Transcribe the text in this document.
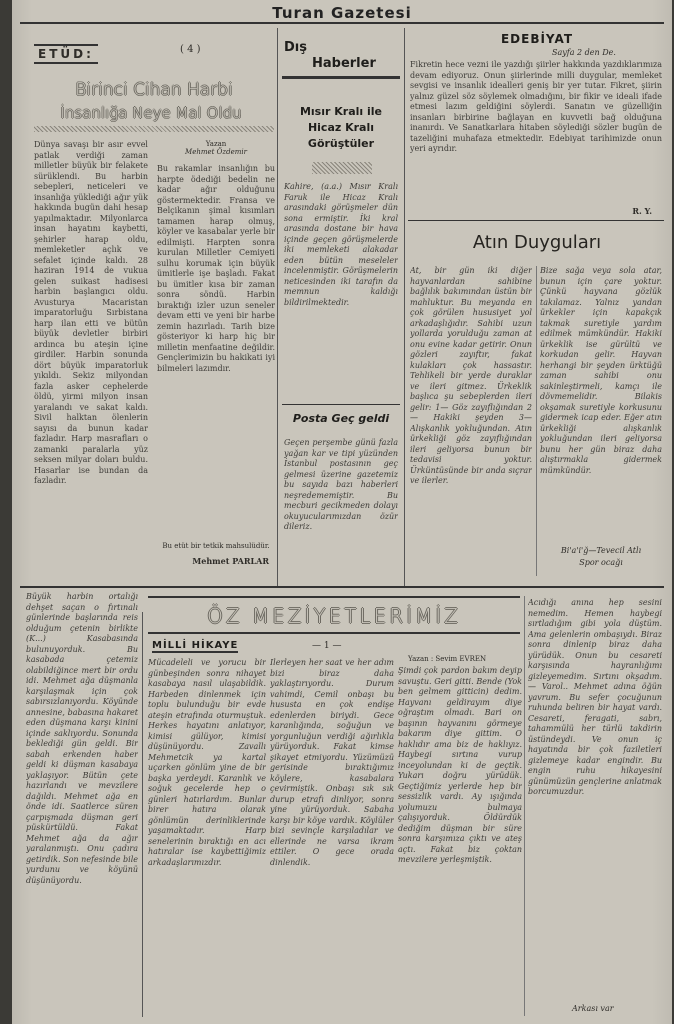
Turan Gazetesi
ETÜD:	( 4 )
Birinci Cihan Harbi
İnsanlığa Neye Mal Oldu
Yazan
Mehmet Özdemir

Dünya savaşı bir asır evvel patlak verdiği zaman milletler büyük bir felakete sürüklendi. Bu harbin sebepleri, neticeleri ve insanlığa yüklediği ağır yük hakkında bugün dahi hesap yapılmaktadır. Milyonlarca insan hayatını kaybetti, şehirler harap oldu, memleketler açlık ve sefalet içinde kaldı. 28 haziran 1914 de vukua gelen suikast hadisesi harbin başlangıcı oldu. Avusturya Macaristan imparatorluğu Sırbistana harp ilan etti ve bütün büyük devletler birbiri ardınca bu ateşin içine girdiler. Harbin sonunda dört büyük imparatorluk yıkıldı. Sekiz milyondan fazla asker cephelerde öldü, yirmi milyon insan yaralandı ve sakat kaldı. Sivil halktan ölenlerin sayısı da bunun kadar fazladır. Harp masrafları o zamanki paralarla yüz seksen milyar doları buldu. Hasarlar ise bundan da fazladır.

Bu rakamlar insanlığın bu harpte ödediği bedelin ne kadar ağır olduğunu göstermektedir. Fransa ve Belçikanın şimal kısımları tamamen harap olmuş, köyler ve kasabalar yerle bir edilmişti. Harpten sonra kurulan Milletler Cemiyeti sulhu korumak için büyük ümitlerle işe başladı. Fakat bu ümitler kısa bir zaman sonra söndü. Harbin bıraktığı izler uzun seneler devam etti ve yeni bir harbe zemin hazırladı. Tarih bize gösteriyor ki harp hiç bir milletin menfaatine değildir. Gençlerimizin bu hakikati iyi bilmeleri lazımdır.

Bu etüt bir tetkik mahsulüdür.
Mehmet PARLAR
Dış
Haberler
Mısır Kralı ile Hicaz Kralı Görüştüler

Kahire, (a.a.) Mısır Kralı Faruk ile Hicaz Kralı arasındaki görüşmeler dün sona ermiştir. İki kral arasında dostane bir hava içinde geçen görüşmelerde iki memleketi alakadar eden bütün meseleler incelenmiştir. Görüşmelerin neticesinden iki tarafın da memnun kaldığı bildirilmektedir.

Posta Geç geldi

Geçen perşembe günü fazla yağan kar ve tipi yüzünden İstanbul postasının geç gelmesi üzerine gazetemiz bu sayıda bazı haberleri neşredememiştir. Bu mecburi gecikmeden dolayı okuyucularımızdan özür dileriz.

EDEBİYAT
Sayfa 2 den De.

Fikretin hece vezni ile yazdığı şiirler hakkında yazdıklarımıza devam ediyoruz. Onun şiirlerinde milli duygular, memleket sevgisi ve insanlık idealleri geniş bir yer tutar. Fikret, şiirin yalnız güzel söz söylemek olmadığını, bir fikir ve ideali ifade etmesi lazım geldiğini söylerdi. Sanatın ve güzelliğin insanları birbirine bağlayan en kuvvetli bağ olduğuna inanırdı. Ve Sanatkarlara hitaben söylediği sözler bugün de tazeliğini muhafaza etmektedir. Edebiyat tarihimizde onun yeri ayrıdır.

R. Y.
Atın Duyguları

At, bir gün iki diğer hayvanlardan sahibine bağlılık bakımından üstün bir mahluktur. Bu meyanda en çok görülen hususiyet yol arkadaşlığıdır. Sahibi uzun yollarda yorulduğu zaman at onu evine kadar getirir. Onun gözleri zayıftır, fakat kulakları çok hassastır. Tehlikeli bir yerde duraklar ve ileri gitmez. Ürkeklik başlıca şu sebeplerden ileri gelir: 1— Göz zayıflığından 2— Hakiki şeyden 3— Alışkanlık yokluğundan. Atın ürkekliği göz zayıflığından ileri geliyorsa bunun bir tedavisi yoktur. Ürküntüsünde bir anda sıçrar ve ilerler.

Bize sağa veya sola atar, bunun için çare yoktur. Çünkü hayvana gözlük takılamaz. Yalnız yandan ürkekler için kapakçık takmak suretiyle yardım edilmek mümkündür. Hakiki ürkeklik ise gürültü ve korkudan gelir. Hayvan herhangi bir şeyden ürktüğü zaman sahibi onu sakinleştirmeli, kamçı ile dövmemelidir. Bilakis okşamak suretiyle korkusunu gidermek icap eder. Eğer atın ürkekliği alışkanlık yokluğundan ileri geliyorsa bunu her gün biraz daha alıştırmakla gidermek mümkündür.

Bi'a'i'ğ—Tevecil Atlı
Spor ocağı

Büyük harbin ortalığı dehşet saçan o fırtınalı günlerinde başlarında reis olduğum çetenin birlikte (K...) Kasabasında bulunuyorduk. Bu kasabada çetemiz olabildiğince mert bir ordu idi. Mehmet ağa düşmanla karşılaşmak için çok sabırsızlanıyordu. Köyünde annesine, babasına hakaret eden düşmana karşı kinini içinde saklıyordu. Sonunda beklediği gün geldi. Bir sabah erkenden haber geldi ki düşman kasabaya yaklaşıyor. Bütün çete hazırlandı ve mevzilere dağıldı. Mehmet ağa en önde idi. Saatlerce süren çarpışmada düşman geri püskürtüldü. Fakat Mehmet ağa da ağır yaralanmıştı. Onu çadıra getirdik. Son nefesinde bile yurdunu ve köyünü düşünüyordu.

ÖZ MEZİYETLERİMİZ
MİLLİ HİKAYE	— 1 —
Yazan : Sevim EVREN

Mücadeleli ve yorucu bir günbeşinden sonra nihayet kasabaya nasıl ulaşabildik. Harbeden dinlenmek için toplu bulunduğu bir evde ateşin etrafında oturmuştuk. Herkes hayatını anlatıyor, kimisi gülüyor, kimisi düşünüyordu. Zavallı Mehmetcik ya kartal uçarken gönlüm yine de bir başka yerdeydi. Karanlık ve soğuk gecelerde hep o günleri hatırlardım. Bunlar birer hatıra olarak gönlümün derinliklerinde yaşamaktadır. Harp senelerinin bıraktığı en acı hatıralar ise kaybettiğimiz arkadaşlarımızdır.

İlerleyen her saat ve her adım bizi biraz daha yaklaştırıyordu. Durum vahimdi, Cemil onbaşı bu hususta en çok endişe edenlerden biriydi. Gece karanlığında, soğuğun ve yorgunluğun verdiği ağırlıkla yürüyorduk. Fakat kimse şikayet etmiyordu. Yüzümüzü gerisinde bıraktığımız köylere, kasabalara çevirmiştik. Onbaşı sık sık durup etrafı dinliyor, sonra yine yürüyorduk. Sabaha karşı bir köye vardık. Köylüler bizi sevinçle karşıladılar ve ellerinde ne varsa ikram ettiler. O gece orada dinlendik.

Şimdi çok pardon bakım deyip savuştu. Geri gitti. Bende (Yok ben gelmem gitticin) dedim. Hayvanı geldirayım diye oğraştım olmadı. Bari on başının hayvanını görmeye bakarım diye gittim. O haklıdır ama biz de haklıyız. Haybegi sırtına vurup inceyolundan ki de geçtik. Yukarı doğru yürüdük. Geçtiğimiz yerlerde hep bir sessizlik vardı. Ay ışığında yolumuzu bulmaya çalışıyorduk. Öldürdük dediğim düşman bir süre sonra karşımıza çıktı ve ateş açtı. Fakat biz çoktan mevzilere yerleşmiştik.

Acıdığı anına hep sesini nemedim. Hemen haybegi sırtladığım gibi yola düştüm. Ama gelenlerin ombaşıydı. Biraz sonra dinlenip biraz daha yürüdük. Onun bu cesareti karşısında hayranlığımı gizleyemedim. Sırtını okşadım. — Varol.. Mehmet adına öğün yavrum. Bu sefer çocuğunun ruhunda beliren bir hayat vardı. Cesareti, feragati, sabrı, tahammülü her türlü takdirin üstündeydi. Ve onun iç hayatında bir çok faziletleri gizlemeye kadar engindir. Bu engin ruhu hikayesini günümüzün gençlerine anlatmak borcumuzdur.

Arkası var
